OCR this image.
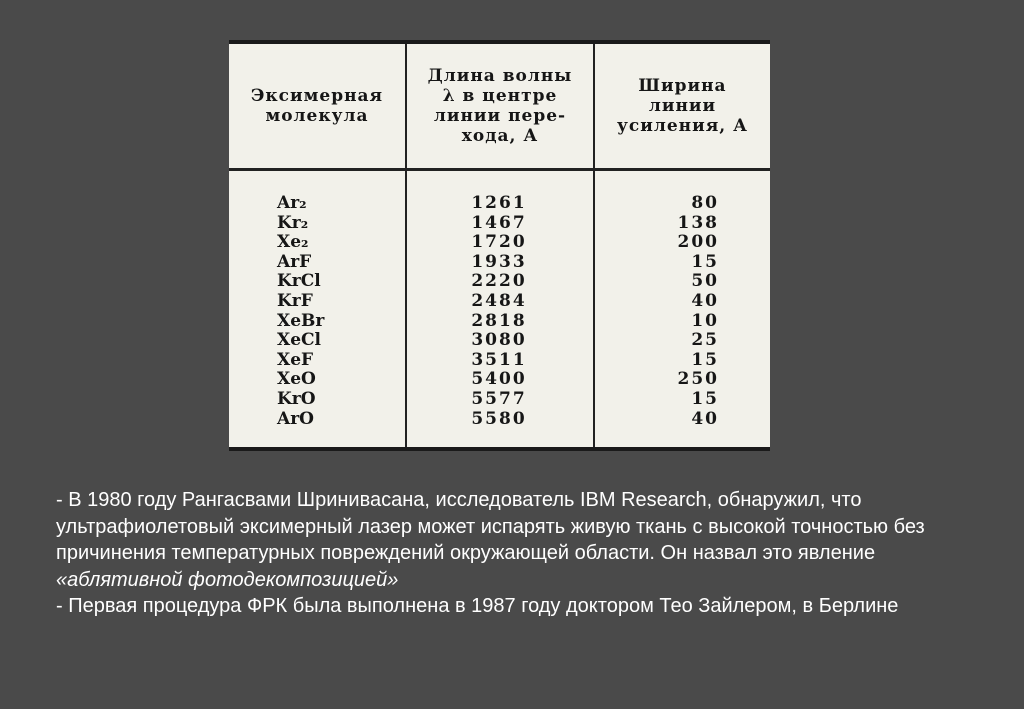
Эксимерная
молекула
Длина волны
λ в центре
линии пере-
хода, А
Ширина
линии
усиления, А
Ar₂
Kr₂
Xe₂
ArF
KrCl
KrF
XeBr
XeCl
XeF
XeO
KrO
ArO
1261
1467
1720
1933
2220
2484
2818
3080
3511
5400
5577
5580
80
138
200
15
50
40
10
25
15
250
15
40

- В 1980 году Рангасвами Шринивасана, исследователь IBM Research, обнаружил, что ультрафиолетовый эксимерный лазер может испарять живую ткань с высокой точностью без причинения температурных повреждений окружающей области. Он назвал это явление «аблятивной фотодекомпозицией»

- Первая процедура ФРК была выполнена в 1987 году доктором Тео Зайлером, в Берлине
